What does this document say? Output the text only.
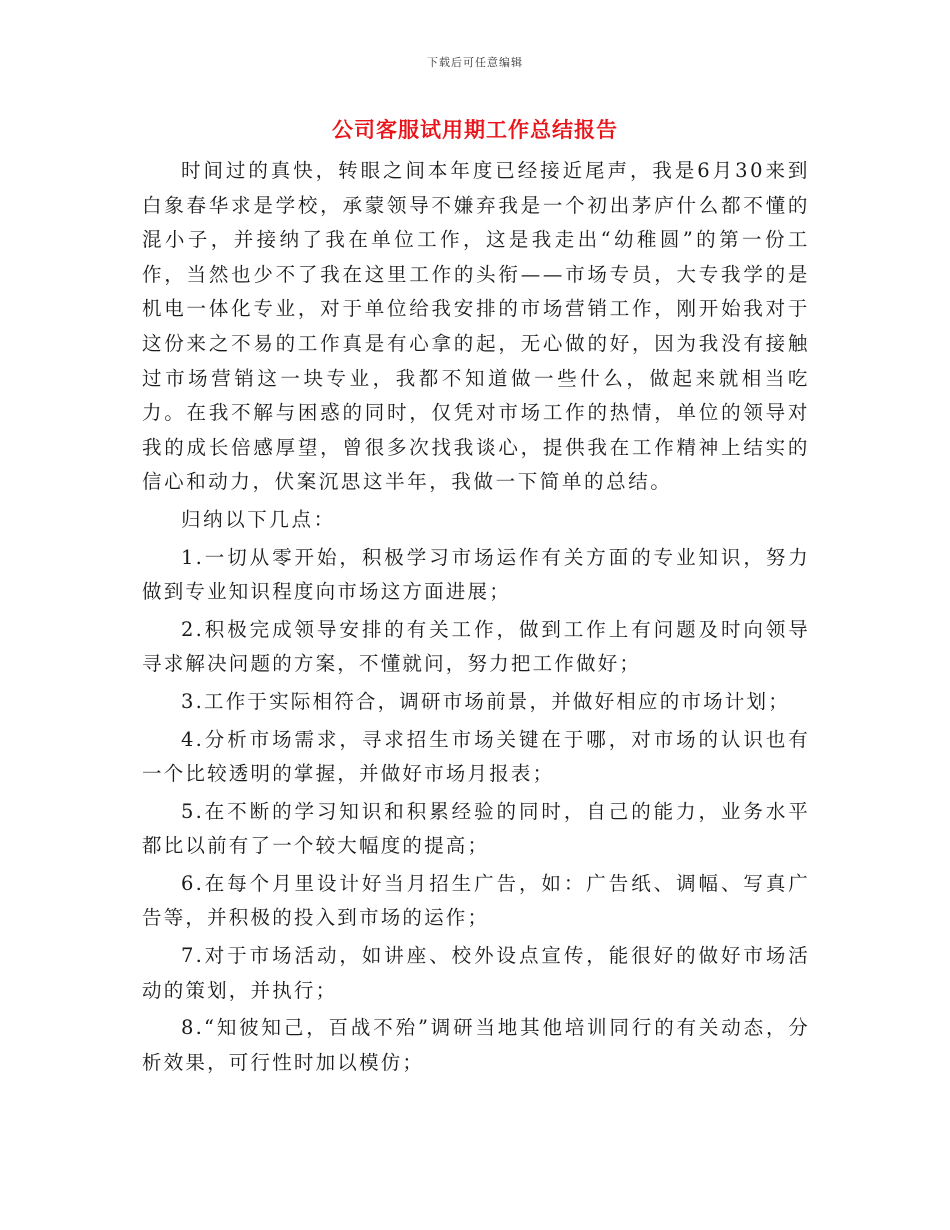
下载后可任意编辑
公司客服试用期工作总结报告

时间过的真快，转眼之间本年度已经接近尾声，我是6月30来到白象春华求是学校，承蒙领导不嫌弃我是一个初出茅庐什么都不懂的混小子，并接纳了我在单位工作，这是我走出“幼稚圆”的第一份工作，当然也少不了我在这里工作的头衔——市场专员，大专我学的是机电一体化专业，对于单位给我安排的市场营销工作，刚开始我对于这份来之不易的工作真是有心拿的起，无心做的好，因为我没有接触过市场营销这一块专业，我都不知道做一些什么，做起来就相当吃力。在我不解与困惑的同时，仅凭对市场工作的热情，单位的领导对我的成长倍感厚望，曾很多次找我谈心，提供我在工作精神上结实的信心和动力，伏案沉思这半年，我做一下简单的总结。

归纳以下几点：

1.一切从零开始，积极学习市场运作有关方面的专业知识，努力做到专业知识程度向市场这方面进展；

2.积极完成领导安排的有关工作，做到工作上有问题及时向领导寻求解决问题的方案，不懂就问，努力把工作做好；

3.工作于实际相符合，调研市场前景，并做好相应的市场计划；

4.分析市场需求，寻求招生市场关键在于哪，对市场的认识也有一个比较透明的掌握，并做好市场月报表；

5.在不断的学习知识和积累经验的同时，自己的能力，业务水平都比以前有了一个较大幅度的提高；

6.在每个月里设计好当月招生广告，如：广告纸、调幅、写真广告等，并积极的投入到市场的运作；

7.对于市场活动，如讲座、校外设点宣传，能很好的做好市场活动的策划，并执行；

8.“知彼知己，百战不殆”调研当地其他培训同行的有关动态，分析效果，可行性时加以模仿；
